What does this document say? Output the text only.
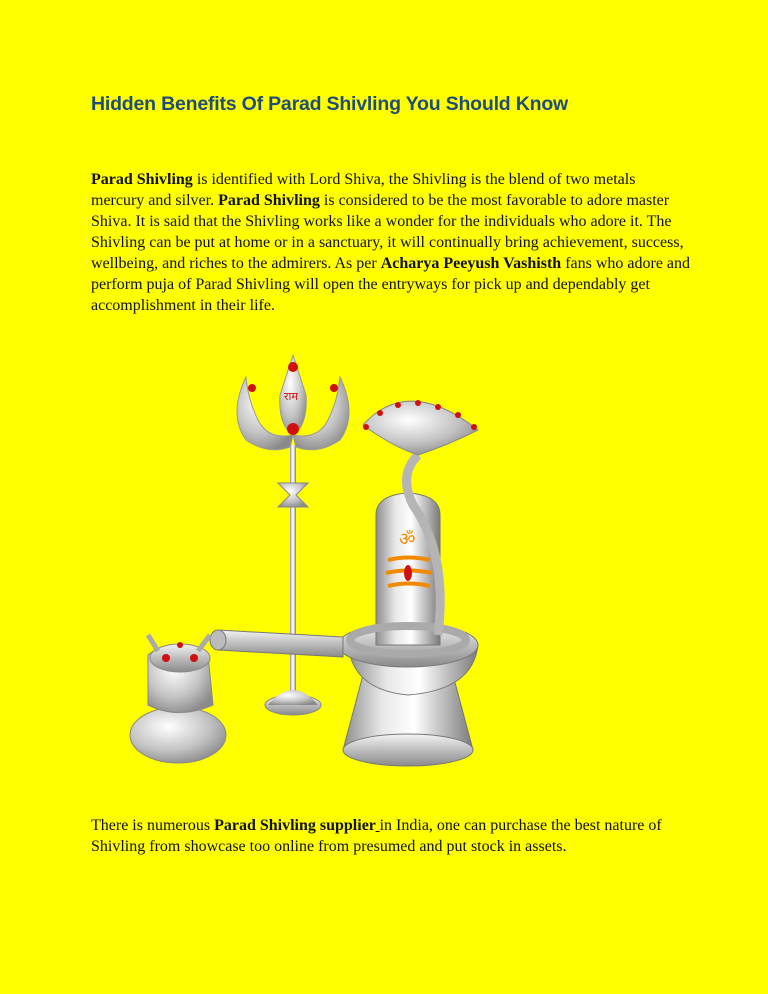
Hidden Benefits Of Parad Shivling You Should Know

Parad Shivling is identified with Lord Shiva, the Shivling is the blend of two metals mercury and silver. Parad Shivling is considered to be the most favorable to adore master Shiva. It is said that the Shivling works like a wonder for the individuals who adore it. The Shivling can be put at home or in a sanctuary, it will continually bring achievement, success, wellbeing, and riches to the admirers. As per Acharya Peeyush Vashisth fans who adore and perform puja of Parad Shivling will open the entryways for pick up and dependably get accomplishment in their life.

राम
ॐ

There is numerous Parad Shivling supplier in India, one can purchase the best nature of Shivling from showcase too online from presumed and put stock in assets.
